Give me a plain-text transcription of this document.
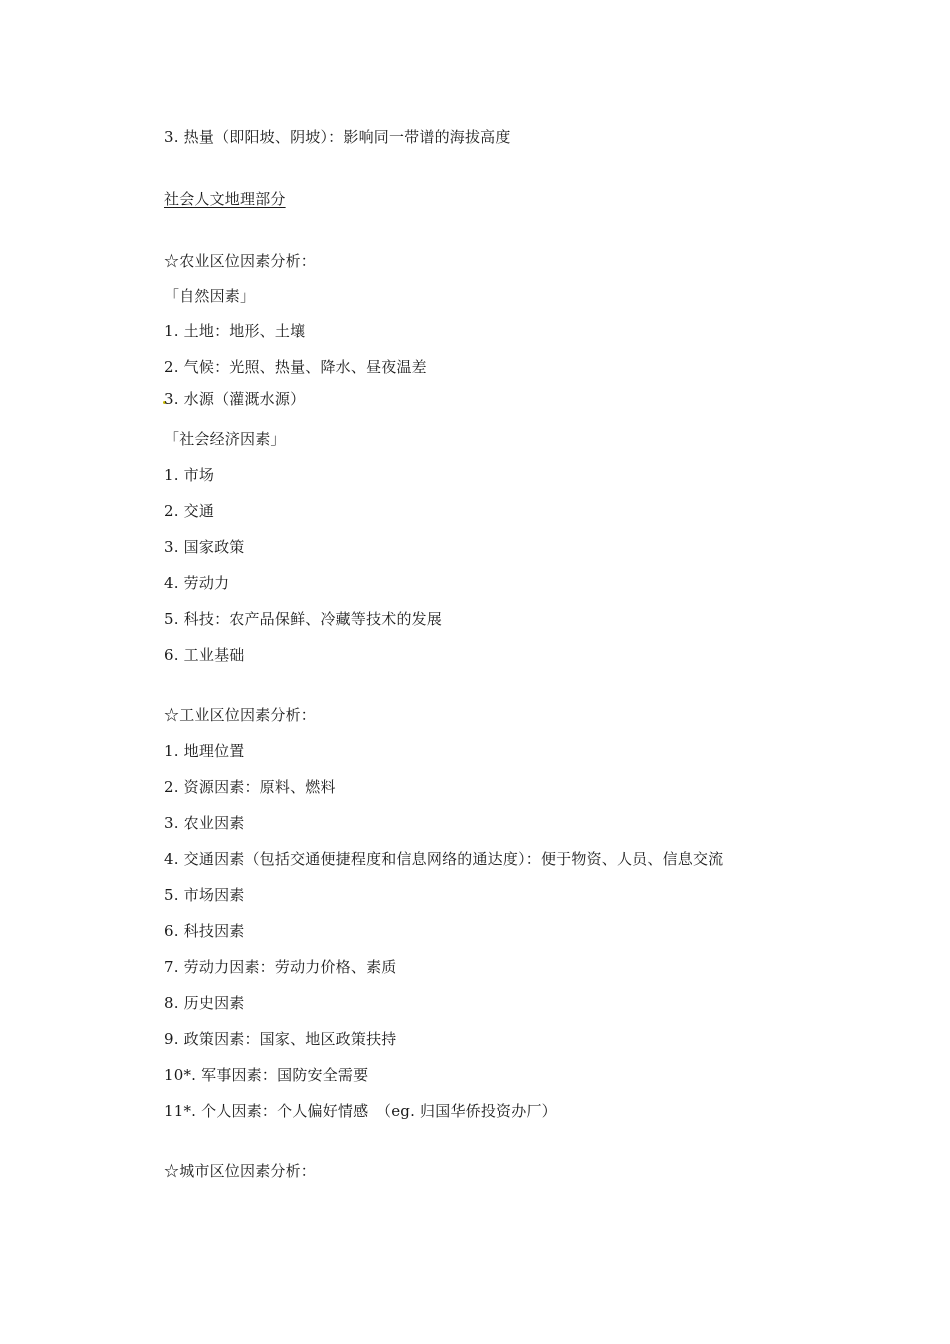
3. 热量（即阳坡、阴坡）：影响同一带谱的海拔高度
社会人文地理部分
☆农业区位因素分析：
「自然因素」
1. 土地：地形、土壤
2. 气候：光照、热量、降水、昼夜温差
3. 水源（灌溉水源）
「社会经济因素」
1. 市场
2. 交通
3. 国家政策
4. 劳动力
5. 科技：农产品保鲜、冷藏等技术的发展
6. 工业基础
☆工业区位因素分析：
1. 地理位置
2. 资源因素：原料、燃料
3. 农业因素
4. 交通因素（包括交通便捷程度和信息网络的通达度）：便于物资、人员、信息交流
5. 市场因素
6. 科技因素
7. 劳动力因素：劳动力价格、素质
8. 历史因素
9. 政策因素：国家、地区政策扶持
10*. 军事因素：国防安全需要
11*. 个人因素：个人偏好情感　（eg. 归国华侨投资办厂）
☆城市区位因素分析：
